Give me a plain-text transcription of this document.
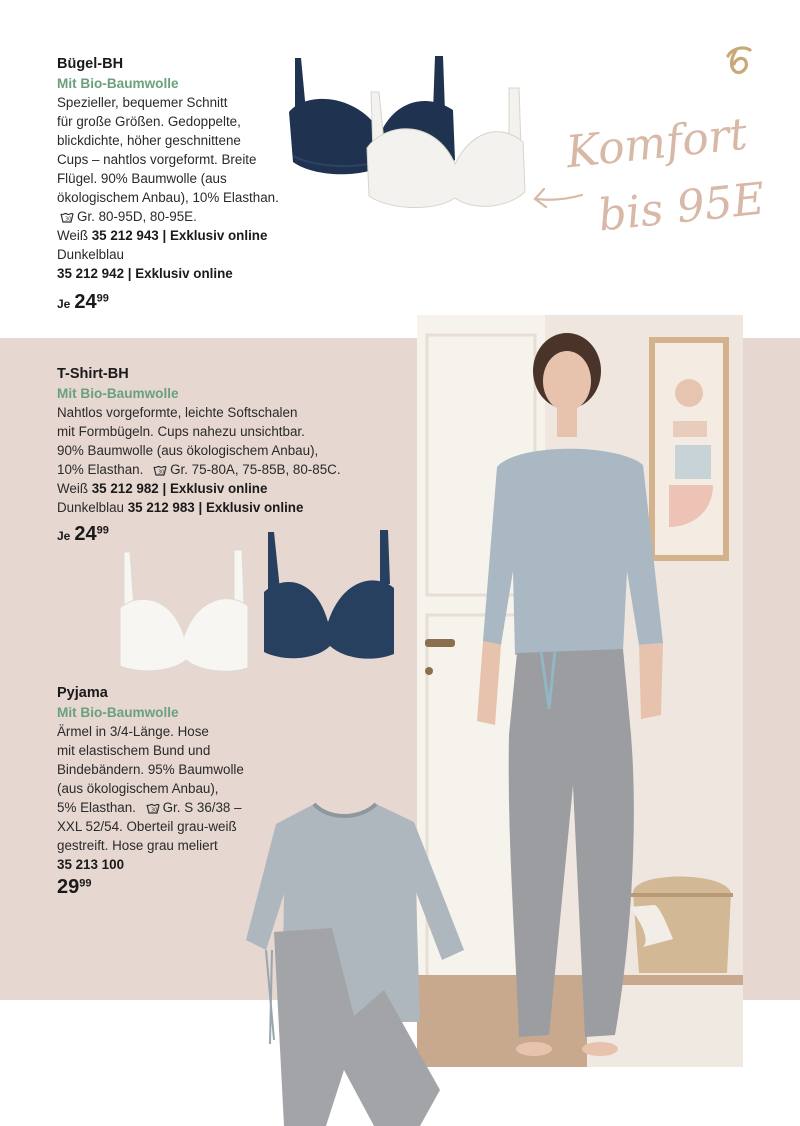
Komfort
bis 95E
Bügel-BH
Mit Bio-Baumwolle
Spezieller, bequemer Schnitt
für große Größen. Gedoppelte,
blickdichte, höher geschnittene
Cups – nahtlos vorgeformt. Breite
Flügel. 90% Baumwolle (aus
ökologischem Anbau), 10% Elasthan.
30 Gr. 80-95D, 80-95E.
Weiß 35 212 943 | Exklusiv online
Dunkelblau
35 212 942 | Exklusiv online
Je $24^{99}$
T-Shirt-BH
Mit Bio-Baumwolle
Nahtlos vorgeformte, leichte Softschalen
mit Formbügeln. Cups nahezu unsichtbar.
90% Baumwolle (aus ökologischem Anbau),
10% Elasthan.	30 Gr. 75-80A, 75-85B, 80-85C.
Weiß 35 212 982 | Exklusiv online
Dunkelblau 35 212 983 | Exklusiv online
Je $24^{99}$
Pyjama
Mit Bio-Baumwolle
Ärmel in 3/4-Länge. Hose
mit elastischem Bund und
Bindebändern. 95% Baumwolle
(aus ökologischem Anbau),
5% Elasthan.	30 Gr. S 36/38 –
XXL 52/54. Oberteil grau-weiß
gestreift. Hose grau meliert
35 213 100
$29^{99}$
